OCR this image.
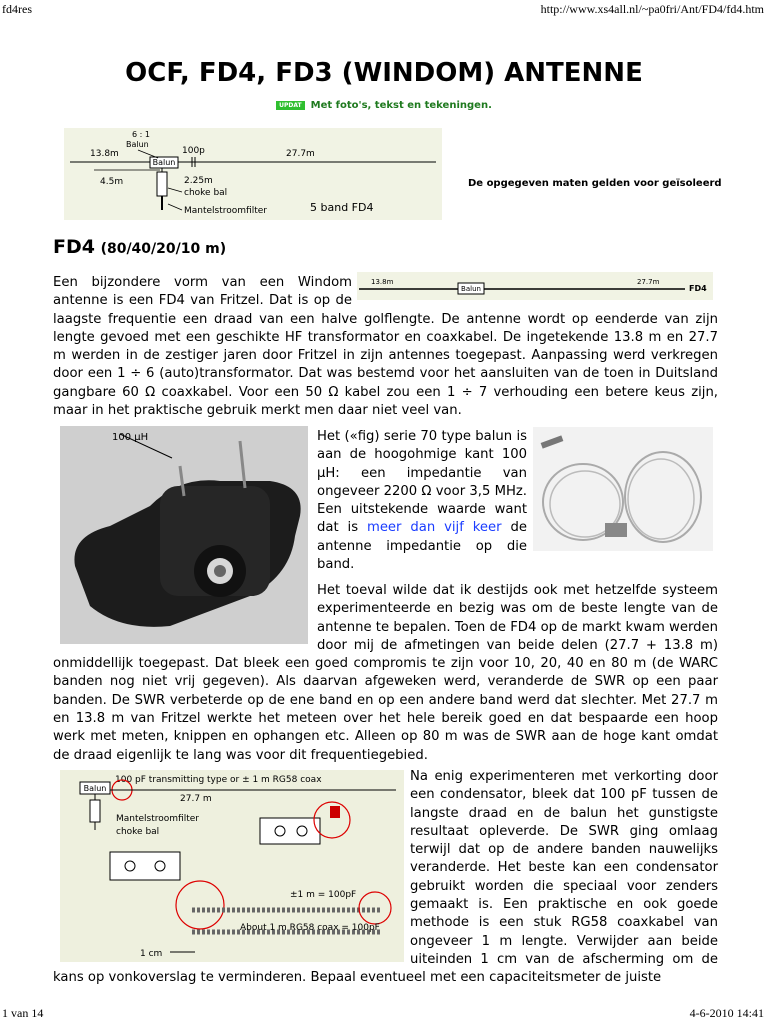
fd4res	http://www.xs4all.nl/~pa0fri/Ant/FD4/fd4.htm
OCF, FD4, FD3 (WINDOM) ANTENNE
UPDAT Met foto's, tekst en tekeningen.
Balun
6 : 1
Balun
13.8m	100p	27.7m
4.5m	2.25m
choke bal
Mantelstroomfilter	5 band FD4
De opgegeven maten gelden voor geïsoleerd
FD4 (80/40/20/10 m)
Balun
13.8m	27.7m
FD4

Een bijzondere vorm van een Windom antenne is een FD4 van Fritzel. Dat is op de laagste frequentie een draad van een halve golflengte. De antenne wordt op eenderde van zijn lengte gevoed met een geschikte HF transformator en coaxkabel. De ingetekende 13.8 m en 27.7 m werden in de zestiger jaren door Fritzel in zijn antennes toegepast. Aanpassing werd verkregen door een 1 ÷ 6 (auto)transformator. Dat was bestemd voor het aansluiten van de toen in Duitsland gangbare 60 Ω coaxkabel. Voor een 50 Ω kabel zou een 1 ÷ 7 verhouding een betere keus zijn, maar in het praktische gebruik merkt men daar niet veel van.

100 µH	Het («fig) serie 70 type balun is aan de hoogohmige kant 100 µH: een impedantie van ongeveer 2200 Ω voor 3,5 MHz. Een uitstekende waarde want dat is meer dan vijf keer de antenne impedantie op die band.

Het toeval wilde dat ik destijds ook met hetzelfde systeem experimenteerde en bezig was om de beste lengte van de antenne te bepalen. Toen de FD4 op de markt kwam werden door mij de afmetingen van beide delen (27.7 + 13.8 m) onmiddellijk toegepast. Dat bleek een goed compromis te zijn voor 10, 20, 40 en 80 m (de WARC banden nog niet vrij gegeven). Als daarvan afgeweken werd, veranderde de SWR op een paar banden. De SWR verbeterde op de ene band en op een andere band werd dat slechter. Met 27.7 m en 13.8 m van Fritzel werkte het meteen over het hele bereik goed en dat bespaarde een hoop werk met meten, knippen en ophangen etc. Alleen op 80 m was de SWR aan de hoge kant omdat de draad eigenlijk te lang was voor dit frequentiegebied.

100 pF transmitting type or ± 1 m RG58 coax
Balun
27.7 m
Mantelstroomfilter
choke bal
±1 m = 100pF
About 1 m RG58 coax = 100pF
1 cm

Na enig experimenteren met verkorting door een condensator, bleek dat 100 pF tussen de langste draad en de balun het gunstigste resultaat opleverde. De SWR ging omlaag terwijl dat op de andere banden nauwelijks veranderde. Het beste kan een condensator gebruikt worden die speciaal voor zenders gemaakt is. Een praktische en ook goede methode is een stuk RG58 coaxkabel van ongeveer 1 m lengte. Verwijder aan beide uiteinden 1 cm van de afscherming om de kans op vonkoverslag te verminderen. Bepaal eventueel met een capaciteitsmeter de juiste

1 van 14	4-6-2010 14:41
